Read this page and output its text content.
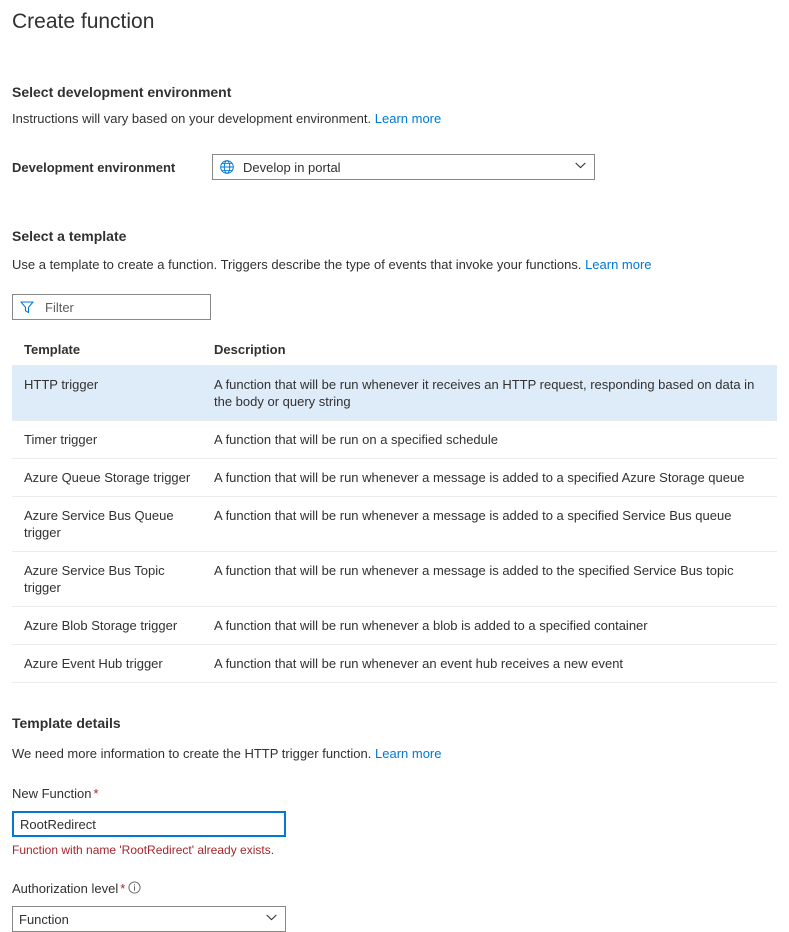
Create function
Select development environment
Instructions will vary based on your development environment. Learn more
Development environment	Develop in portal
Select a template
Use a template to create a function. Triggers describe the type of events that invoke your functions. Learn more
Filter
Template	Description
HTTP trigger	A function that will be run whenever it receives an HTTP request, responding based on data in the body or query string
Timer trigger	A function that will be run on a specified schedule
Azure Queue Storage trigger	A function that will be run whenever a message is added to a specified Azure Storage queue
Azure Service Bus Queue trigger	A function that will be run whenever a message is added to a specified Service Bus queue
Azure Service Bus Topic trigger	A function that will be run whenever a message is added to the specified Service Bus topic
Azure Blob Storage trigger	A function that will be run whenever a blob is added to a specified container
Azure Event Hub trigger	A function that will be run whenever an event hub receives a new event
Template details
We need more information to create the HTTP trigger function. Learn more
New Function *
RootRedirect
Function with name 'RootRedirect' already exists.
Authorization level *
Function
